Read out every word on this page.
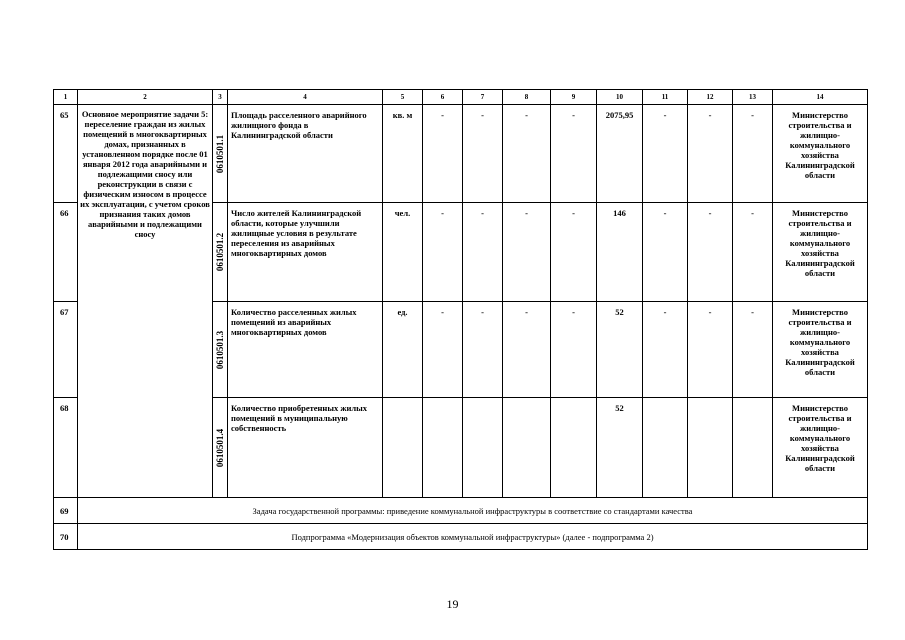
1	2	3	4	5	6	7	8	9	10	11	12	13	14
65	Основное мероприятие задачи 5: переселение граждан из жилых помещений в многоквартирных домах, признанных в установленном порядке после 01 января 2012 года аварийными и подлежащими сносу или реконструкции в связи с физическим износом в процессе их эксплуатации, с учетом сроков признания таких домов аварийными и подлежащими сносу	0610501.1	Площадь расселенного аварийного жилищного фонда в Калининградской области	кв. м	-	-	-	-	2075,95	-	-	-	Министерство строительства и жилищно-коммунального хозяйства Калининградской области
66		0610501.2	Число жителей Калининградской области, которые улучшили жилищные условия в результате переселения из аварийных многоквартирных домов	чел.	-	-	-	-	146	-	-	-	Министерство строительства и жилищно-коммунального хозяйства Калининградской области
67		0610501.3	Количество расселенных жилых помещений из аварийных многоквартирных домов	ед.	-	-	-	-	52	-	-	-	Министерство строительства и жилищно-коммунального хозяйства Калининградской области
68		0610501.4	Количество приобретенных жилых помещений в муниципальную собственность						52				Министерство строительства и жилищно-коммунального хозяйства Калининградской области
69	Задача государственной программы: приведение коммунальной инфраструктуры в соответствие со стандартами качества												
70	Подпрограмма «Модернизация объектов коммунальной инфраструктуры» (далее - подпрограмма 2)												
19
